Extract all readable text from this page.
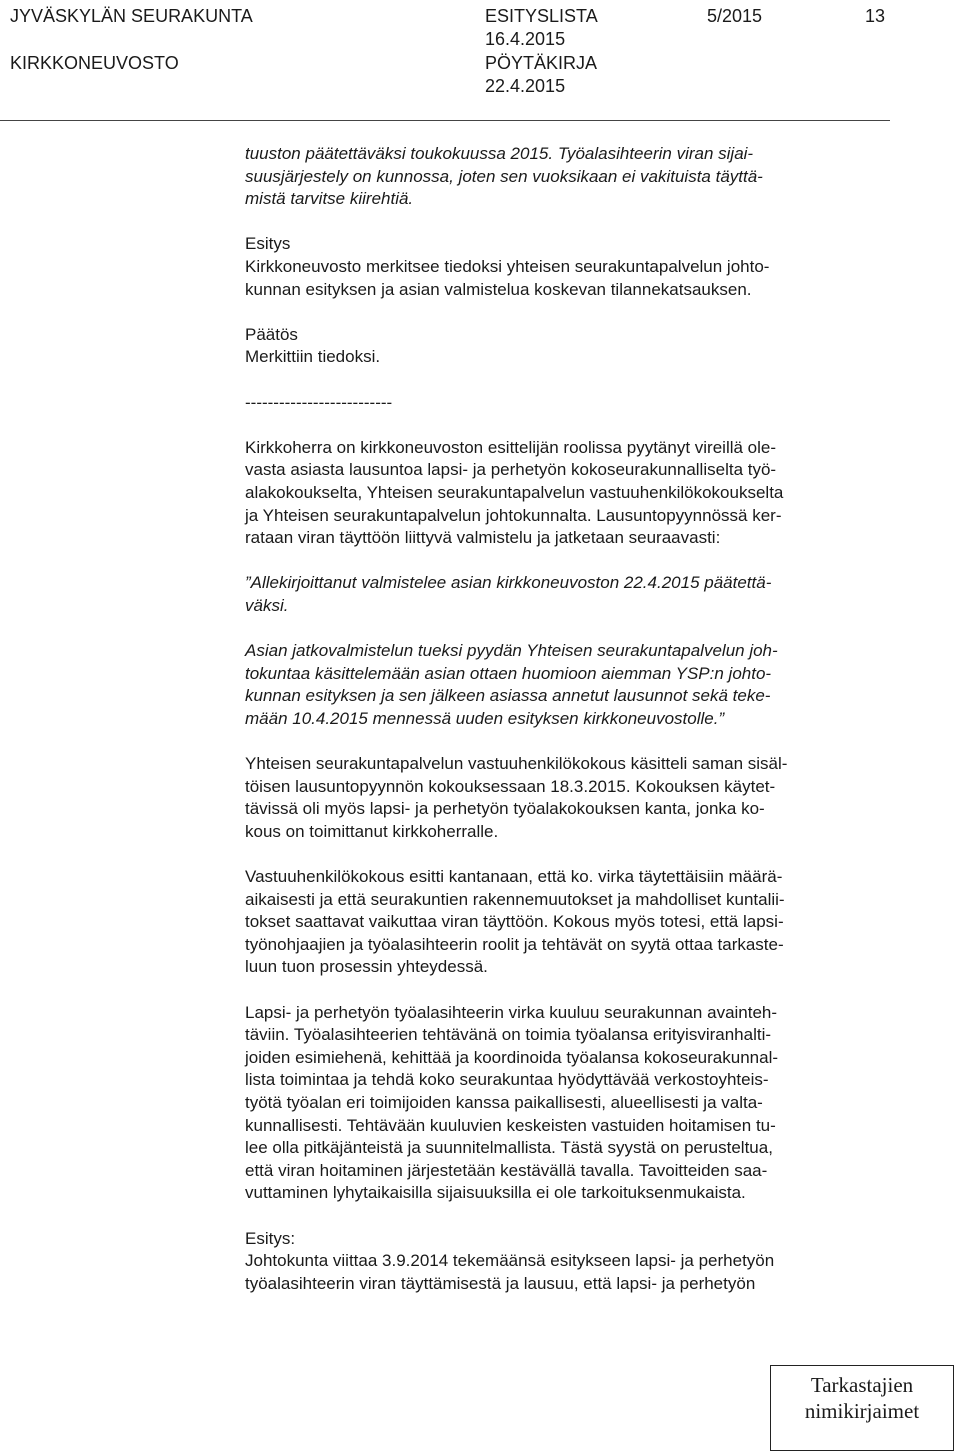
JYVÄSKYLÄN SEURAKUNTA
KIRKKONEUVOSTO
ESITYSLISTA
16.4.2015
PÖYTÄKIRJA
22.4.2015
5/2015	13

tuuston päätettäväksi toukokuussa 2015. Työalasihteerin viran sijai-
suusjärjestely on kunnossa, joten sen vuoksikaan ei vakituista täyttä-
mistä tarvitse kiirehtiä.

Esitys
Kirkkoneuvosto merkitsee tiedoksi yhteisen seurakuntapalvelun johto-
kunnan esityksen ja asian valmistelua koskevan tilannekatsauksen.

Päätös
Merkittiin tiedoksi.

--------------------------

Kirkkoherra on kirkkoneuvoston esittelijän roolissa pyytänyt vireillä ole-
vasta asiasta lausuntoa lapsi- ja perhetyön kokoseurakunnalliselta työ-
alakokoukselta, Yhteisen seurakuntapalvelun vastuuhenkilökokoukselta
ja Yhteisen seurakuntapalvelun johtokunnalta. Lausuntopyynnössä ker-
rataan viran täyttöön liittyvä valmistelu ja jatketaan seuraavasti:

”Allekirjoittanut valmistelee asian kirkkoneuvoston 22.4.2015 päätettä-
väksi.

Asian jatkovalmistelun tueksi pyydän Yhteisen seurakuntapalvelun joh-
tokuntaa käsittelemään asian ottaen huomioon aiemman YSP:n johto-
kunnan esityksen ja sen jälkeen asiassa annetut lausunnot sekä teke-
mään 10.4.2015 mennessä uuden esityksen kirkkoneuvostolle.”

Yhteisen seurakuntapalvelun vastuuhenkilökokous käsitteli saman sisäl-
töisen lausuntopyynnön kokouksessaan 18.3.2015. Kokouksen käytet-
tävissä oli myös lapsi- ja perhetyön työalakokouksen kanta, jonka ko-
kous on toimittanut kirkkoherralle.

Vastuuhenkilökokous esitti kantanaan, että ko. virka täytettäisiin määrä-
aikaisesti ja että seurakuntien rakennemuutokset ja mahdolliset kuntalii-
tokset saattavat vaikuttaa viran täyttöön. Kokous myös totesi, että lapsi-
työnohjaajien ja työalasihteerin roolit ja tehtävät on syytä ottaa tarkaste-
luun tuon prosessin yhteydessä.

Lapsi- ja perhetyön työalasihteerin virka kuuluu seurakunnan avainteh-
täviin. Työalasihteerien tehtävänä on toimia työalansa erityisviranhalti-
joiden esimiehenä, kehittää ja koordinoida työalansa kokoseurakunnal-
lista toimintaa ja tehdä koko seurakuntaa hyödyttävää verkostoyhteis-
työtä työalan eri toimijoiden kanssa paikallisesti, alueellisesti ja valta-
kunnallisesti. Tehtävään kuuluvien keskeisten vastuiden hoitamisen tu-
lee olla pitkäjänteistä ja suunnitelmallista. Tästä syystä on perusteltua,
että viran hoitaminen järjestetään kestävällä tavalla. Tavoitteiden saa-
vuttaminen lyhytaikaisilla sijaisuuksilla ei ole tarkoituksenmukaista.

Esitys:
Johtokunta viittaa 3.9.2014 tekemäänsä esitykseen lapsi- ja perhetyön
työalasihteerin viran täyttämisestä ja lausuu, että lapsi- ja perhetyön

Tarkastajien
nimikirjaimet
